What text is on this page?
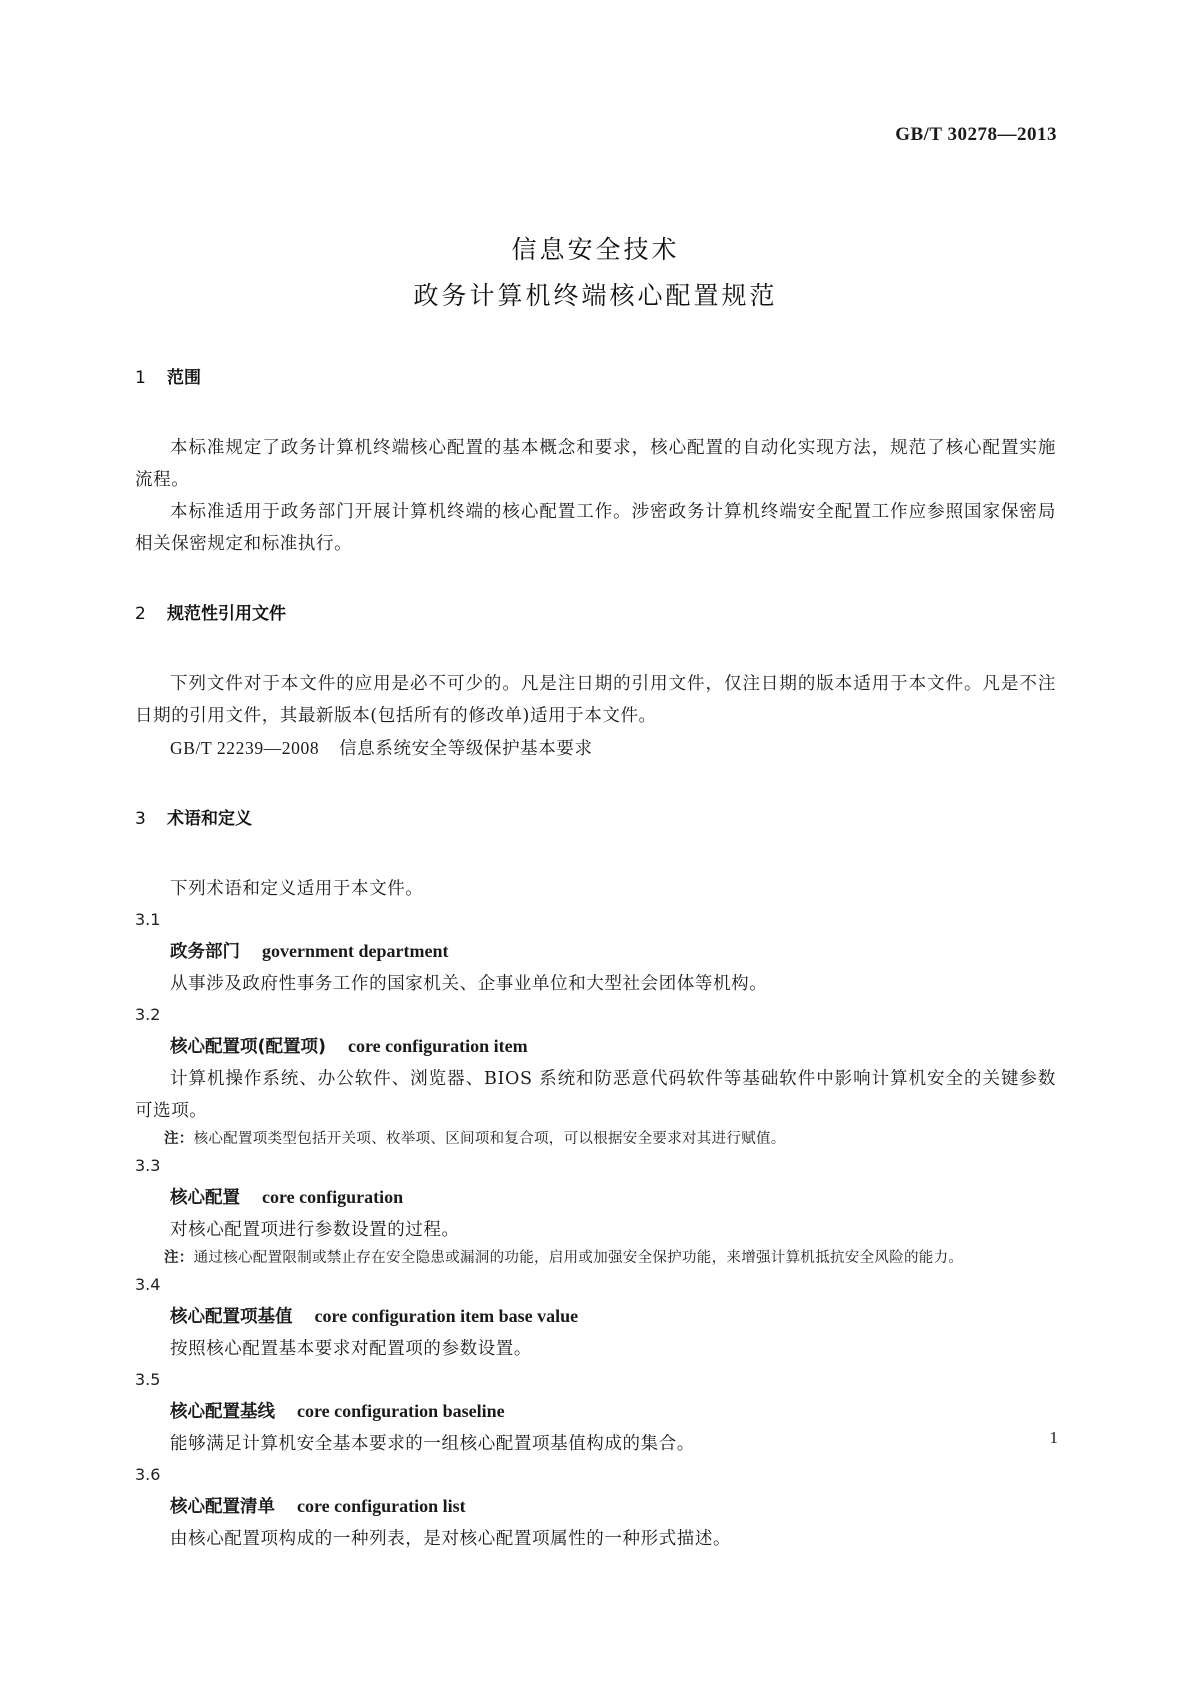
GB/T 30278—2013
信息安全技术
政务计算机终端核心配置规范
1 范围
本标准规定了政务计算机终端核心配置的基本概念和要求，核心配置的自动化实现方法，规范了核心配置实施流程。
本标准适用于政务部门开展计算机终端的核心配置工作。涉密政务计算机终端安全配置工作应参照国家保密局相关保密规定和标准执行。
2 规范性引用文件
下列文件对于本文件的应用是必不可少的。凡是注日期的引用文件，仅注日期的版本适用于本文件。凡是不注日期的引用文件，其最新版本(包括所有的修改单)适用于本文件。
GB/T 22239—2008 信息系统安全等级保护基本要求
3 术语和定义
下列术语和定义适用于本文件。
3.1
政务部门 government department
从事涉及政府性事务工作的国家机关、企事业单位和大型社会团体等机构。
3.2
核心配置项(配置项) core configuration item
计算机操作系统、办公软件、浏览器、BIOS 系统和防恶意代码软件等基础软件中影响计算机安全的关键参数可选项。
注： 核心配置项类型包括开关项、枚举项、区间项和复合项，可以根据安全要求对其进行赋值。
3.3
核心配置 core configuration
对核心配置项进行参数设置的过程。
注： 通过核心配置限制或禁止存在安全隐患或漏洞的功能，启用或加强安全保护功能，来增强计算机抵抗安全风险的能力。
3.4
核心配置项基值 core configuration item base value
按照核心配置基本要求对配置项的参数设置。
3.5
核心配置基线 core configuration baseline
能够满足计算机安全基本要求的一组核心配置项基值构成的集合。
3.6
核心配置清单 core configuration list
由核心配置项构成的一种列表，是对核心配置项属性的一种形式描述。
1
